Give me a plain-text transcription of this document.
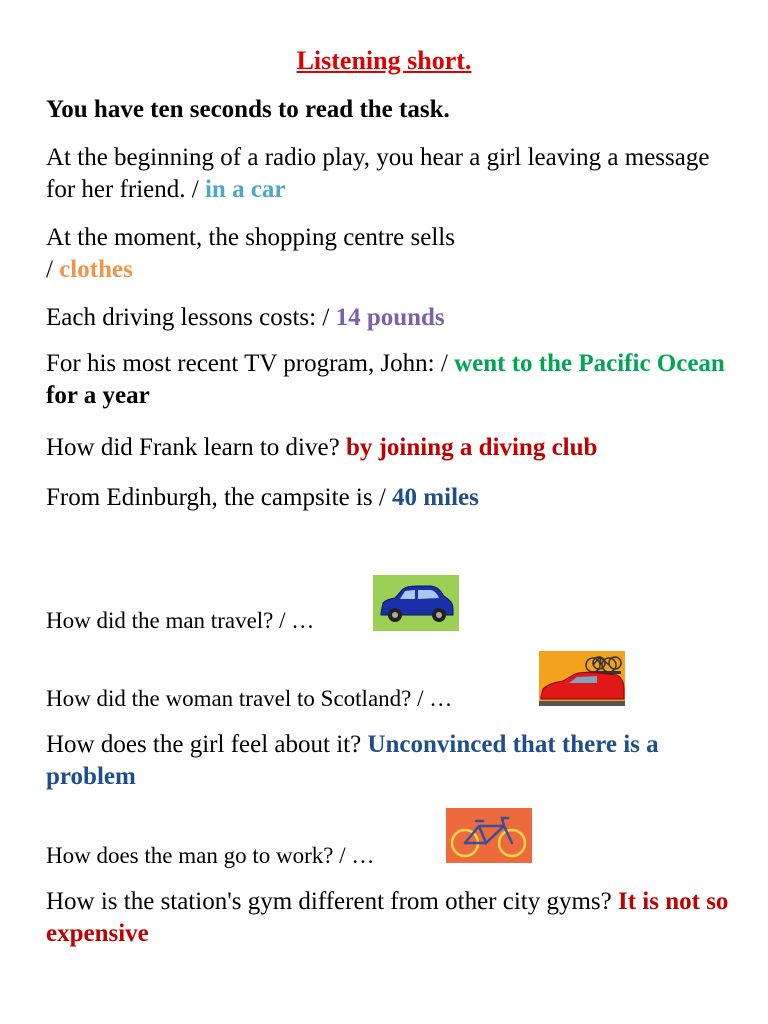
Listening short.
You have ten seconds to read the task.
At the beginning of a radio play, you hear a girl leaving a message for her friend. / in a car
At the moment, the shopping centre sells
/ clothes
Each driving lessons costs: / 14 pounds
For his most recent TV program, John: / went to the Pacific Ocean for a year
How did Frank learn to dive? by joining a diving club
From Edinburgh, the campsite is / 40 miles
How did the man travel? / …
How did the woman travel to Scotland? / …
How does the girl feel about it? Unconvinced that there is a problem
How does the man go to work? / …
How is the station's gym different from other city gyms? It is not so expensive
